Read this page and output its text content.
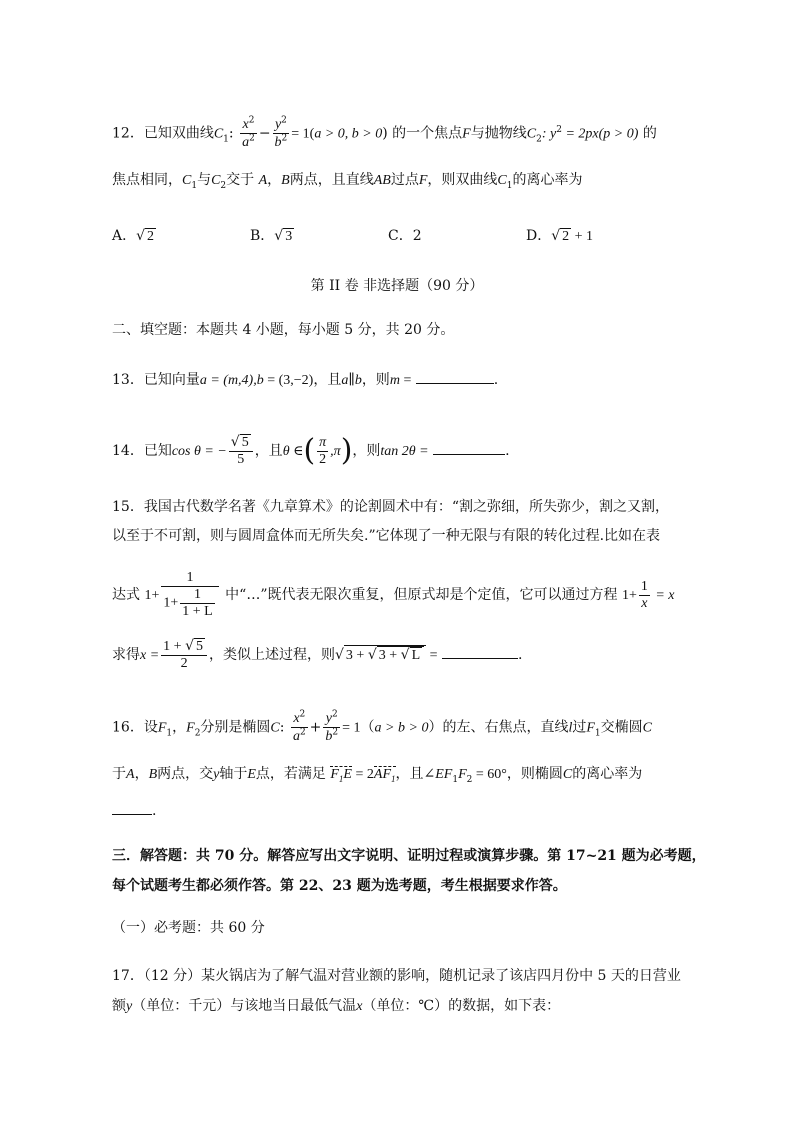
12．已知双曲线$C_1$: $\frac{x^2}{a^2} - \frac{y^2}{b^2} = 1(a > 0$, b > 0) 的一个焦点F与抛物线$C_2$: $y^2 = 2px(p > 0)$ 的
焦点相同，$C_1$与$C_2$交于 A，B两点，且直线AB过点F，则双曲线$C_1$的离心率为
A．√ 2	B．√ 3	C．2	D．√ 2 + 1
第 II 卷 非选择题（90 分）
二、填空题：本题共 4 小题，每小题 5 分，共 20 分。
13．已知向量a = (m,4),b = (3,−2)，且a∥b，则m =	.
14．已知cos θ = − $\frac{√ 5}{5}$ ，且θ ∈( $\frac{\pi}{2} ,\pi$)，则tan 2θ =	.
15．我国古代数学名著《九章算术》的论割圆术中有：“割之弥细，所失弥少，割之又割，
以至于不可割，则与圆周盒体而无所失矣.”它体现了一种无限与有限的转化过程.比如在表
达式 $1+ \frac{1}{1+ \frac{1}{1 + L}}$ 中“…”既代表无限次重复，但原式却是个定值，它可以通过方程 $1+ \frac{1}{x} = x$
求得$x = \frac{1 + √ 5}{2}$ ，类似上述过程，则√ 3 + √ 3 + √ L =	.
16．设$F_1$，$F_2$分别是椭圆C: $\frac{x^2}{a^2} + \frac{y^2}{b^2} = 1(a > b > 0)$的左、右焦点，直线l过$F_1$交椭圆C
于A，B两点，交y轴于E点，若满足 $F_1E = 2AF_1$，且$\angle EF_1F_2 = 60^\circ$，则椭圆C的离心率为
.
三．解答题：共 70 分。解答应写出文字说明、证明过程或演算步骤。第 17~21 题为必考题，
每个试题考生都必须作答。第 22、23 题为选考题，考生根据要求作答。
（一）必考题：共 60 分
17．（12 分）某火锅店为了解气温对营业额的影响，随机记录了该店四月份中 5 天的日营业
额y（单位：千元）与该地当日最低气温x（单位：℃）的数据，如下表：
